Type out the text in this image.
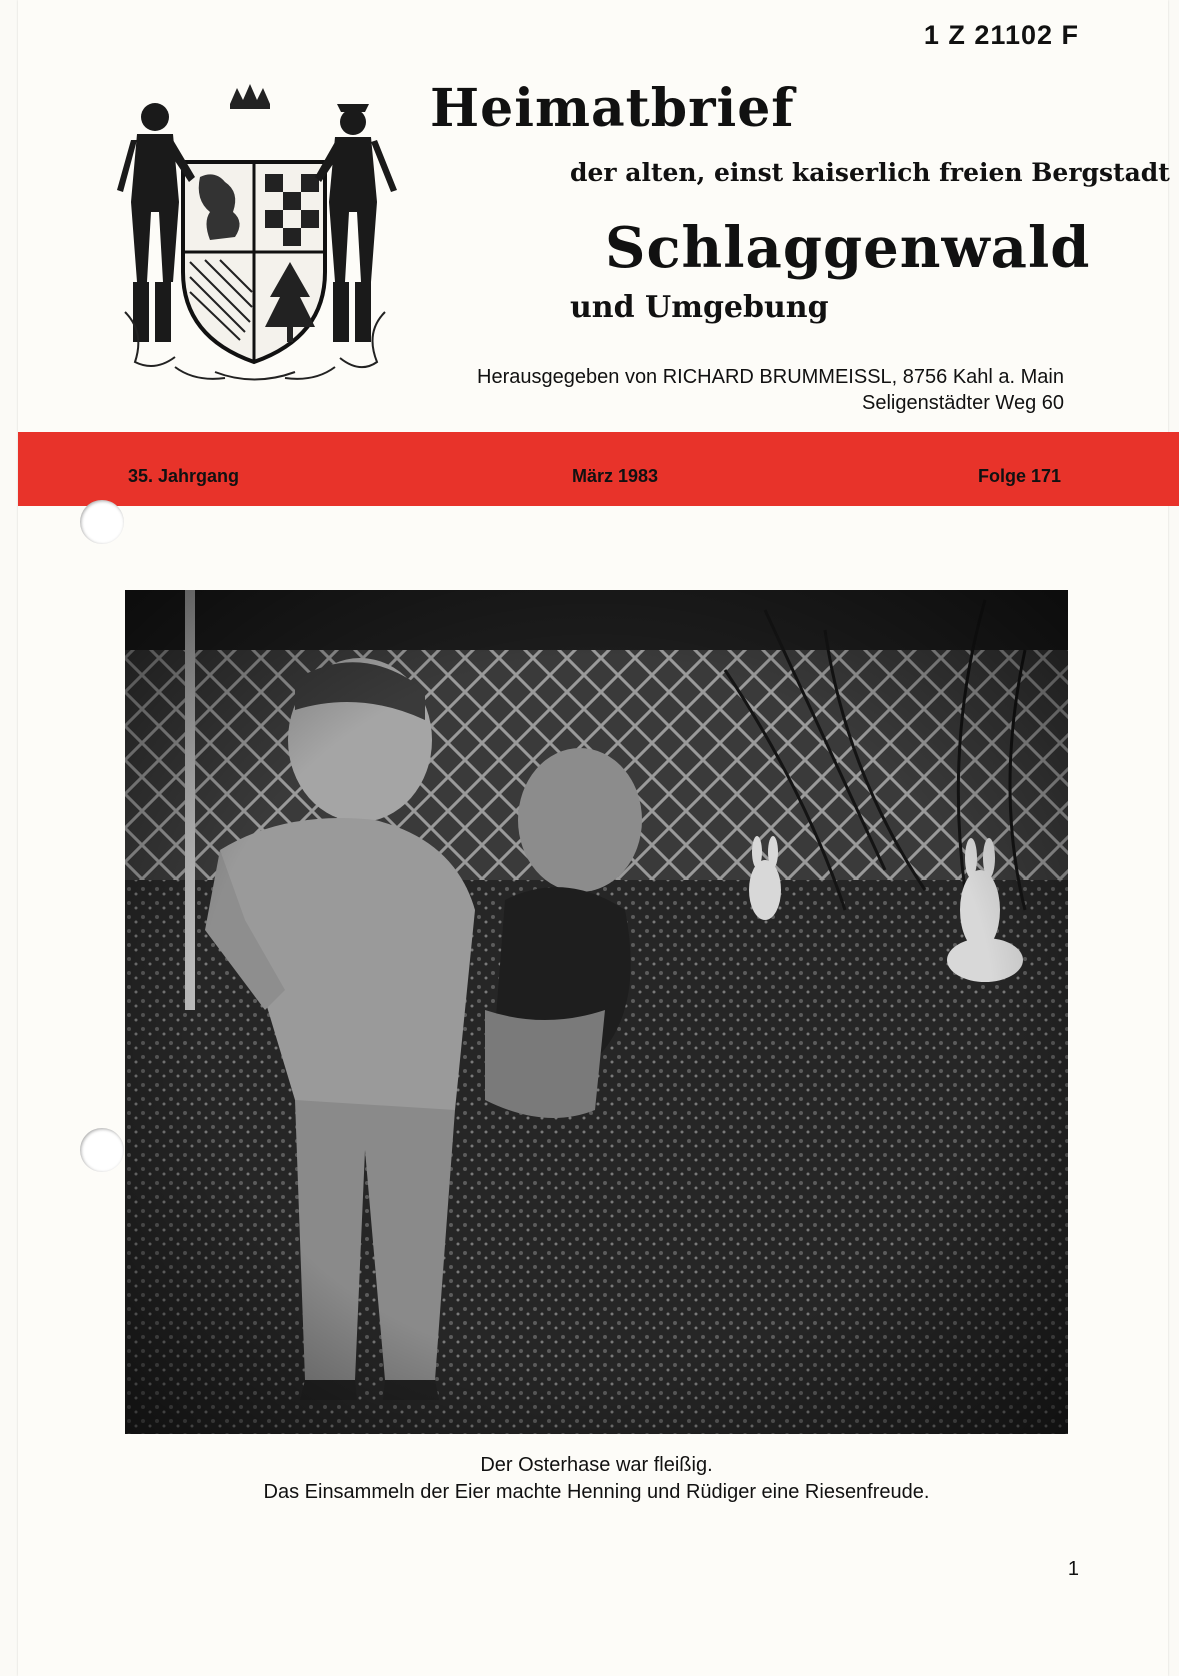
1 Z 21102 F
Heimatbrief
der alten, einst kaiserlich freien Bergstadt
Schlaggenwald
und Umgebung
Herausgegeben von RICHARD BRUMMEISSL, 8756 Kahl a. Main
Seligenstädter Weg 60
35. Jahrgang	März 1983	Folge 171
Der Osterhase war fleißig.
Das Einsammeln der Eier machte Henning und Rüdiger eine Riesenfreude.
1
